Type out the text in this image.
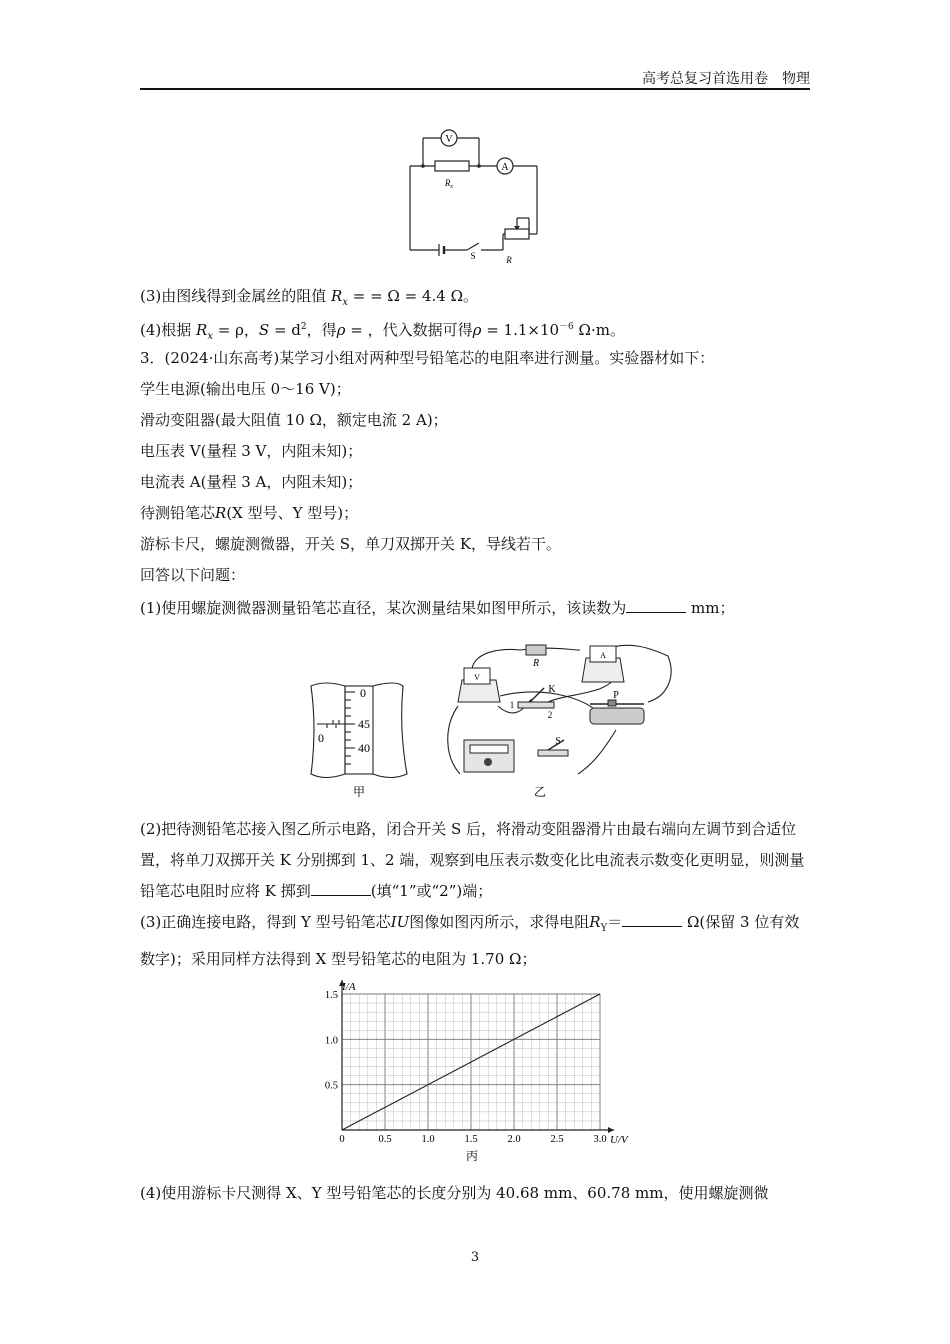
高考总复习首选用卷　物理
V
A
$R_x$
S	R
(3)由图线得到金属丝的阻值 $R_x$ = = Ω = 4.4 Ω。
(4)根据 $R_x = \rho$，$S = d^2$，得ρ = ，代入数据可得$\rho = 1.1\times 10^{-6}$ Ω·m。
3．(2024·山东高考)某学习小组对两种型号铅笔芯的电阻率进行测量。实验器材如下：
学生电源(输出电压 0～16 V)；
滑动变阻器(最大阻值 10 Ω，额定电流 2 A)；
电压表 V(量程 3 V，内阻未知)；
电流表 A(量程 3 A，内阻未知)；
待测铅笔芯R(X 型号、Y 型号)；
游标卡尺，螺旋测微器，开关 S，单刀双掷开关 K，导线若干。
回答以下问题：
(1)使用螺旋测微器测量铅笔芯直径，某次测量结果如图甲所示，该读数为	mm；
0
45
40
0
甲
R
V
A
K
1
2
P
S
乙
(2)把待测铅笔芯接入图乙所示电路，闭合开关 S 后，将滑动变阻器滑片由最右端向左调节到合适位置，将单刀双掷开关 K 分别掷到 1、2 端，观察到电压表示数变化比电流表示数变化更明显，则测量铅笔芯电阻时应将 K 掷到	(填“1”或“2”)端；
(3)正确连接电路，得到 Y 型号铅笔芯IU图像如图丙所示，求得电阻$R_Y=$	Ω(保留 3 位有效数字)；采用同样方法得到 X 型号铅笔芯的电阻为 1.70 Ω；
0	0.5	1.0	1.5	2.0	2.5	3.0
0.5
1.0
1.5
I/A
U/V
丙
(4)使用游标卡尺测得 X、Y 型号铅笔芯的长度分别为 40.68 mm、60.78 mm，使用螺旋测微
3
